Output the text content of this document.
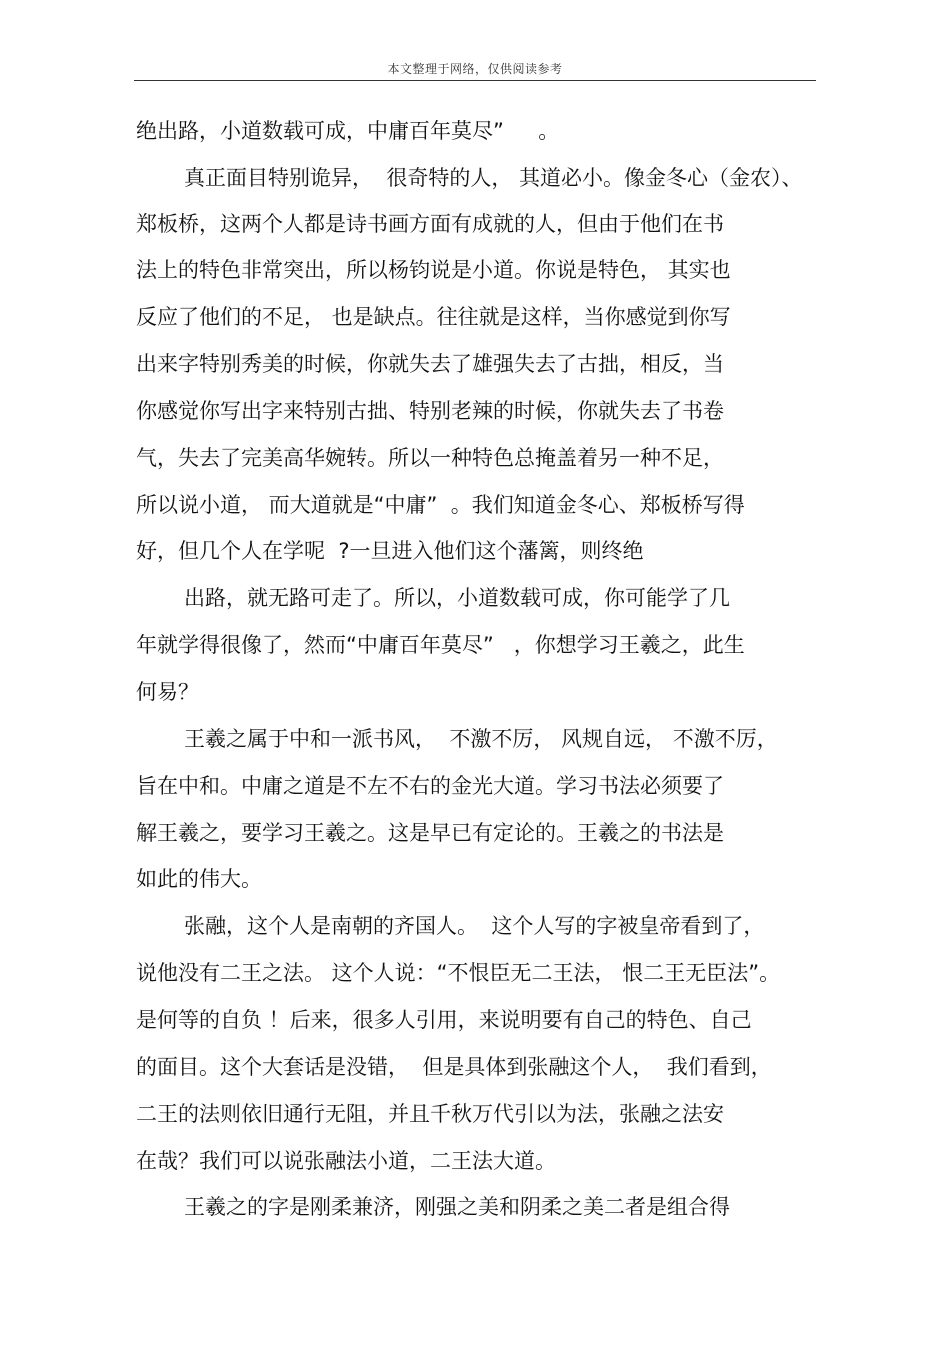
本文整理于网络，仅供阅读参考
绝出路，小道数载可成，中庸百年莫尽”　  。
真正面目特别诡异，  很奇特的人， 其道必小。像金冬心（金农）、
郑板桥，这两个人都是诗书画方面有成就的人，但由于他们在书
法上的特色非常突出，所以杨钧说是小道。你说是特色， 其实也
反应了他们的不足， 也是缺点。往往就是这样，当你感觉到你写
出来字特别秀美的时候，你就失去了雄强失去了古拙，相反，当
你感觉你写出字来特别古拙、特别老辣的时候，你就失去了书卷
气，失去了完美高华婉转。所以一种特色总掩盖着另一种不足，
所以说小道， 而大道就是“中庸”  。我们知道金冬心、郑板桥写得
好，但几个人在学呢  ?一旦进入他们这个藩篱，则终绝
出路，就无路可走了。所以，小道数载可成，你可能学了几
年就学得很像了，然而“中庸百年莫尽”   ，你想学习王羲之，此生
何易？
王羲之属于中和一派书风，  不激不厉， 风规自远， 不激不厉，
旨在中和。中庸之道是不左不右的金光大道。学习书法必须要了
解王羲之，要学习王羲之。这是早已有定论的。王羲之的书法是
如此的伟大。
张融，这个人是南朝的齐国人。  这个人写的字被皇帝看到了，
说他没有二王之法。 这个人说：“不恨臣无二王法， 恨二王无臣法”。
是何等的自负 ！后来，很多人引用，来说明要有自己的特色、自己
的面目。这个大套话是没错，  但是具体到张融这个人，  我们看到，
二王的法则依旧通行无阻，并且千秋万代引以为法，张融之法安
在哉？我们可以说张融法小道，二王法大道。
王羲之的字是刚柔兼济，刚强之美和阴柔之美二者是组合得
